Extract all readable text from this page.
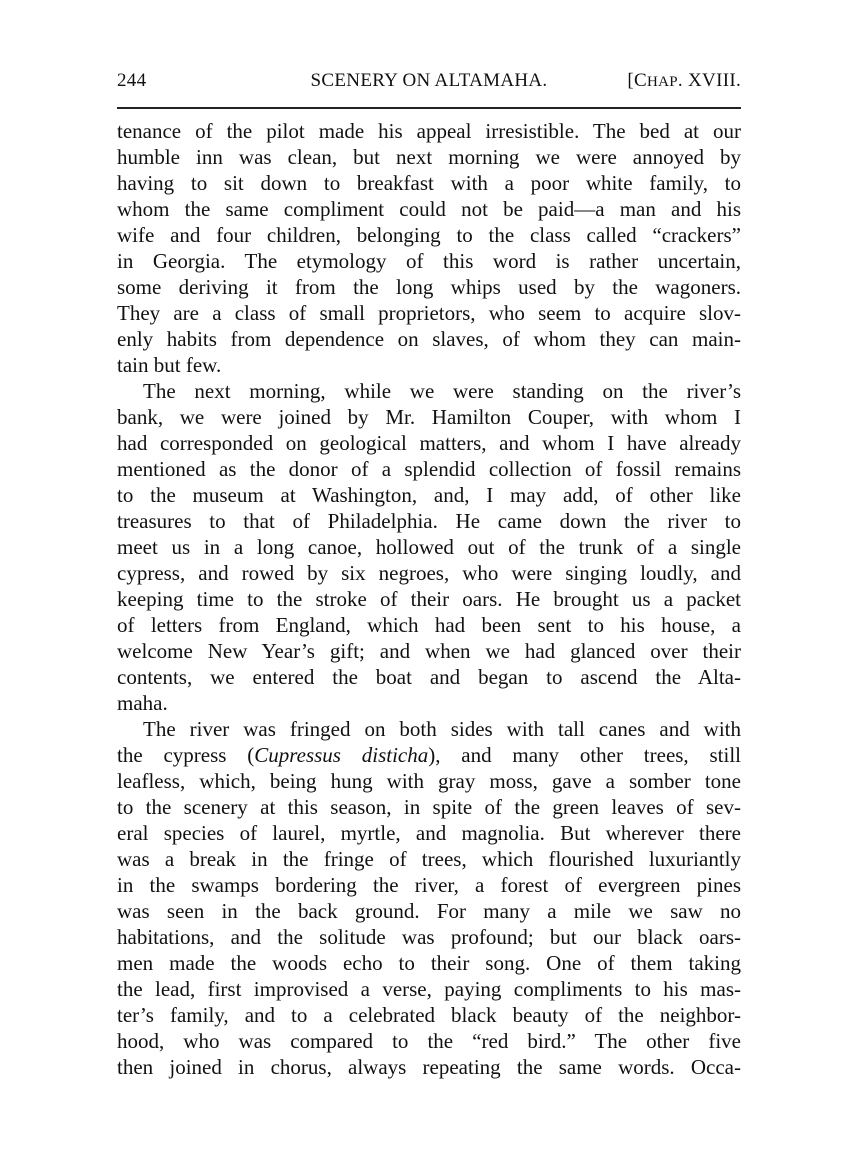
244	SCENERY ON ALTAMAHA.	[CHAP. XVIII.
tenance of the pilot made his appeal irresistible. The bed at our
humble inn was clean, but next morning we were annoyed by
having to sit down to breakfast with a poor white family, to
whom the same compliment could not be paid—a man and his
wife and four children, belonging to the class called “crackers”
in Georgia. The etymology of this word is rather uncertain,
some deriving it from the long whips used by the wagoners.
They are a class of small proprietors, who seem to acquire slov-
enly habits from dependence on slaves, of whom they can main-
tain but few.
The next morning, while we were standing on the river’s
bank, we were joined by Mr. Hamilton Couper, with whom I
had corresponded on geological matters, and whom I have already
mentioned as the donor of a splendid collection of fossil remains
to the museum at Washington, and, I may add, of other like
treasures to that of Philadelphia. He came down the river to
meet us in a long canoe, hollowed out of the trunk of a single
cypress, and rowed by six negroes, who were singing loudly, and
keeping time to the stroke of their oars. He brought us a packet
of letters from England, which had been sent to his house, a
welcome New Year’s gift; and when we had glanced over their
contents, we entered the boat and began to ascend the Alta-
maha.
The river was fringed on both sides with tall canes and with
the cypress (Cupressus disticha), and many other trees, still
leafless, which, being hung with gray moss, gave a somber tone
to the scenery at this season, in spite of the green leaves of sev-
eral species of laurel, myrtle, and magnolia. But wherever there
was a break in the fringe of trees, which flourished luxuriantly
in the swamps bordering the river, a forest of evergreen pines
was seen in the back ground. For many a mile we saw no
habitations, and the solitude was profound; but our black oars-
men made the woods echo to their song. One of them taking
the lead, first improvised a verse, paying compliments to his mas-
ter’s family, and to a celebrated black beauty of the neighbor-
hood, who was compared to the “red bird.” The other five
then joined in chorus, always repeating the same words. Occa-
